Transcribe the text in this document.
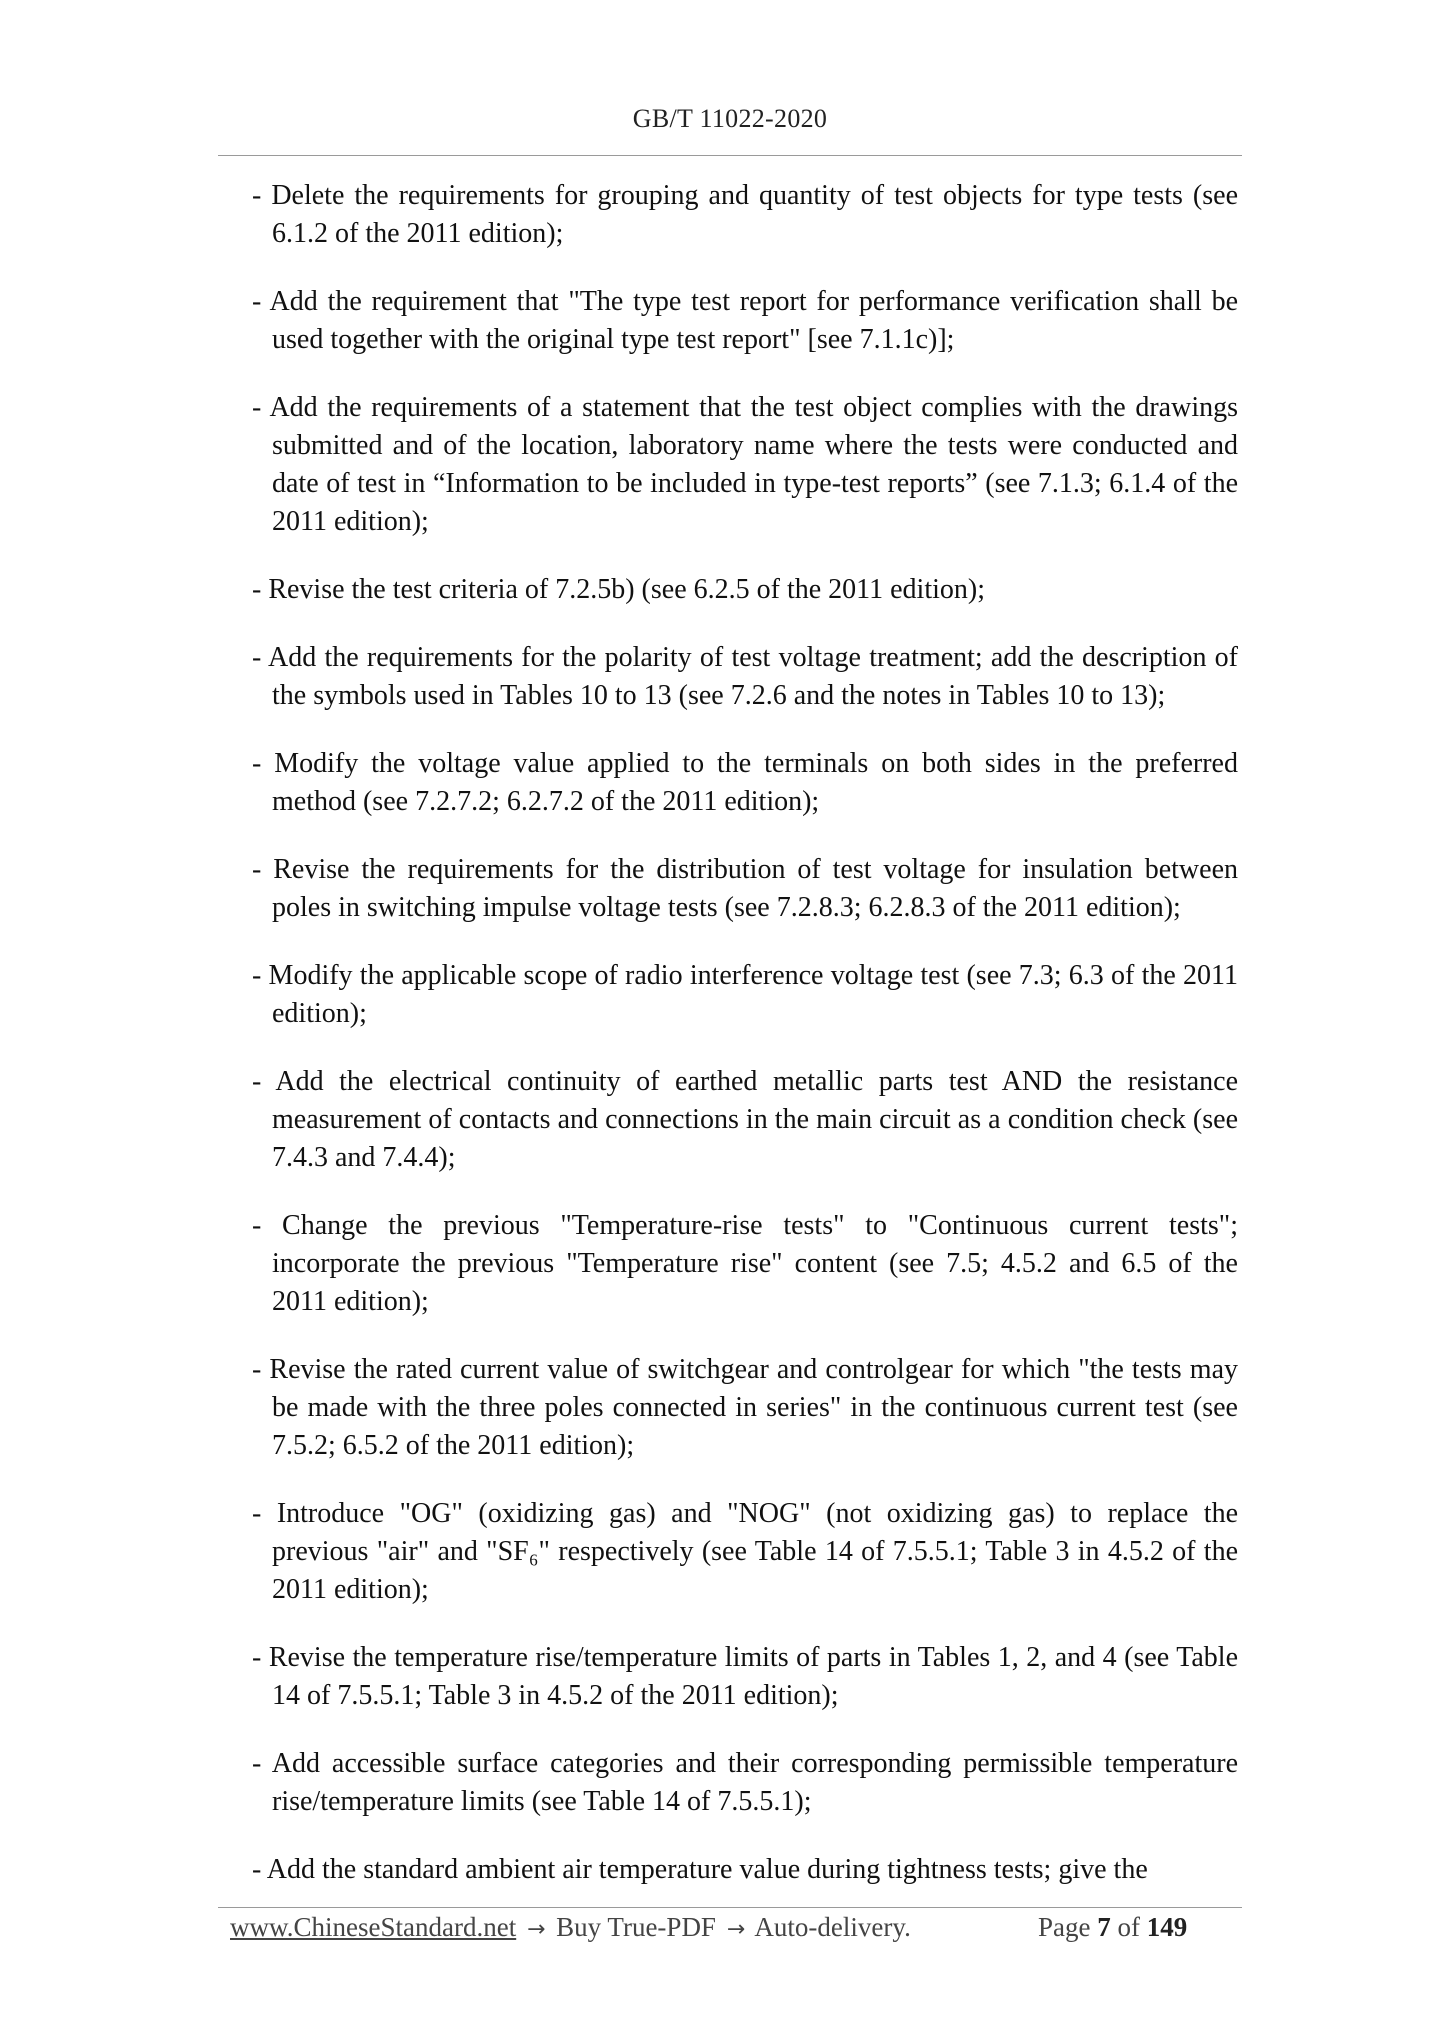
GB/T 11022-2020

- Delete the requirements for grouping and quantity of test objects for type tests (see 6.1.2 of the 2011 edition);

- Add the requirement that "The type test report for performance verification shall be used together with the original type test report" [see 7.1.1c)];

- Add the requirements of a statement that the test object complies with the drawings submitted and of the location, laboratory name where the tests were conducted and date of test in “Information to be included in type-test reports” (see 7.1.3; 6.1.4 of the 2011 edition);

- Revise the test criteria of 7.2.5b) (see 6.2.5 of the 2011 edition);

- Add the requirements for the polarity of test voltage treatment; add the description of the symbols used in Tables 10 to 13 (see 7.2.6 and the notes in Tables 10 to 13);

- Modify the voltage value applied to the terminals on both sides in the preferred method (see 7.2.7.2; 6.2.7.2 of the 2011 edition);

- Revise the requirements for the distribution of test voltage for insulation between poles in switching impulse voltage tests (see 7.2.8.3; 6.2.8.3 of the 2011 edition);

- Modify the applicable scope of radio interference voltage test (see 7.3; 6.3 of the 2011 edition);

- Add the electrical continuity of earthed metallic parts test AND the resistance measurement of contacts and connections in the main circuit as a condition check (see 7.4.3 and 7.4.4);

- Change the previous "Temperature-rise tests" to "Continuous current tests"; incorporate the previous "Temperature rise" content (see 7.5; 4.5.2 and 6.5 of the 2011 edition);

- Revise the rated current value of switchgear and controlgear for which "the tests may be made with the three poles connected in series" in the continuous current test (see 7.5.2; 6.5.2 of the 2011 edition);

- Introduce "OG" (oxidizing gas) and "NOG" (not oxidizing gas) to replace the previous "air" and "SF₆" respectively (see Table 14 of 7.5.5.1; Table 3 in 4.5.2 of the 2011 edition);

- Revise the temperature rise/temperature limits of parts in Tables 1, 2, and 4 (see Table 14 of 7.5.5.1; Table 3 in 4.5.2 of the 2011 edition);

- Add accessible surface categories and their corresponding permissible temperature rise/temperature limits (see Table 14 of 7.5.5.1);

- Add the standard ambient air temperature value during tightness tests; give the

www.ChineseStandard.net → Buy True-PDF → Auto-delivery.	Page 7 of 149
